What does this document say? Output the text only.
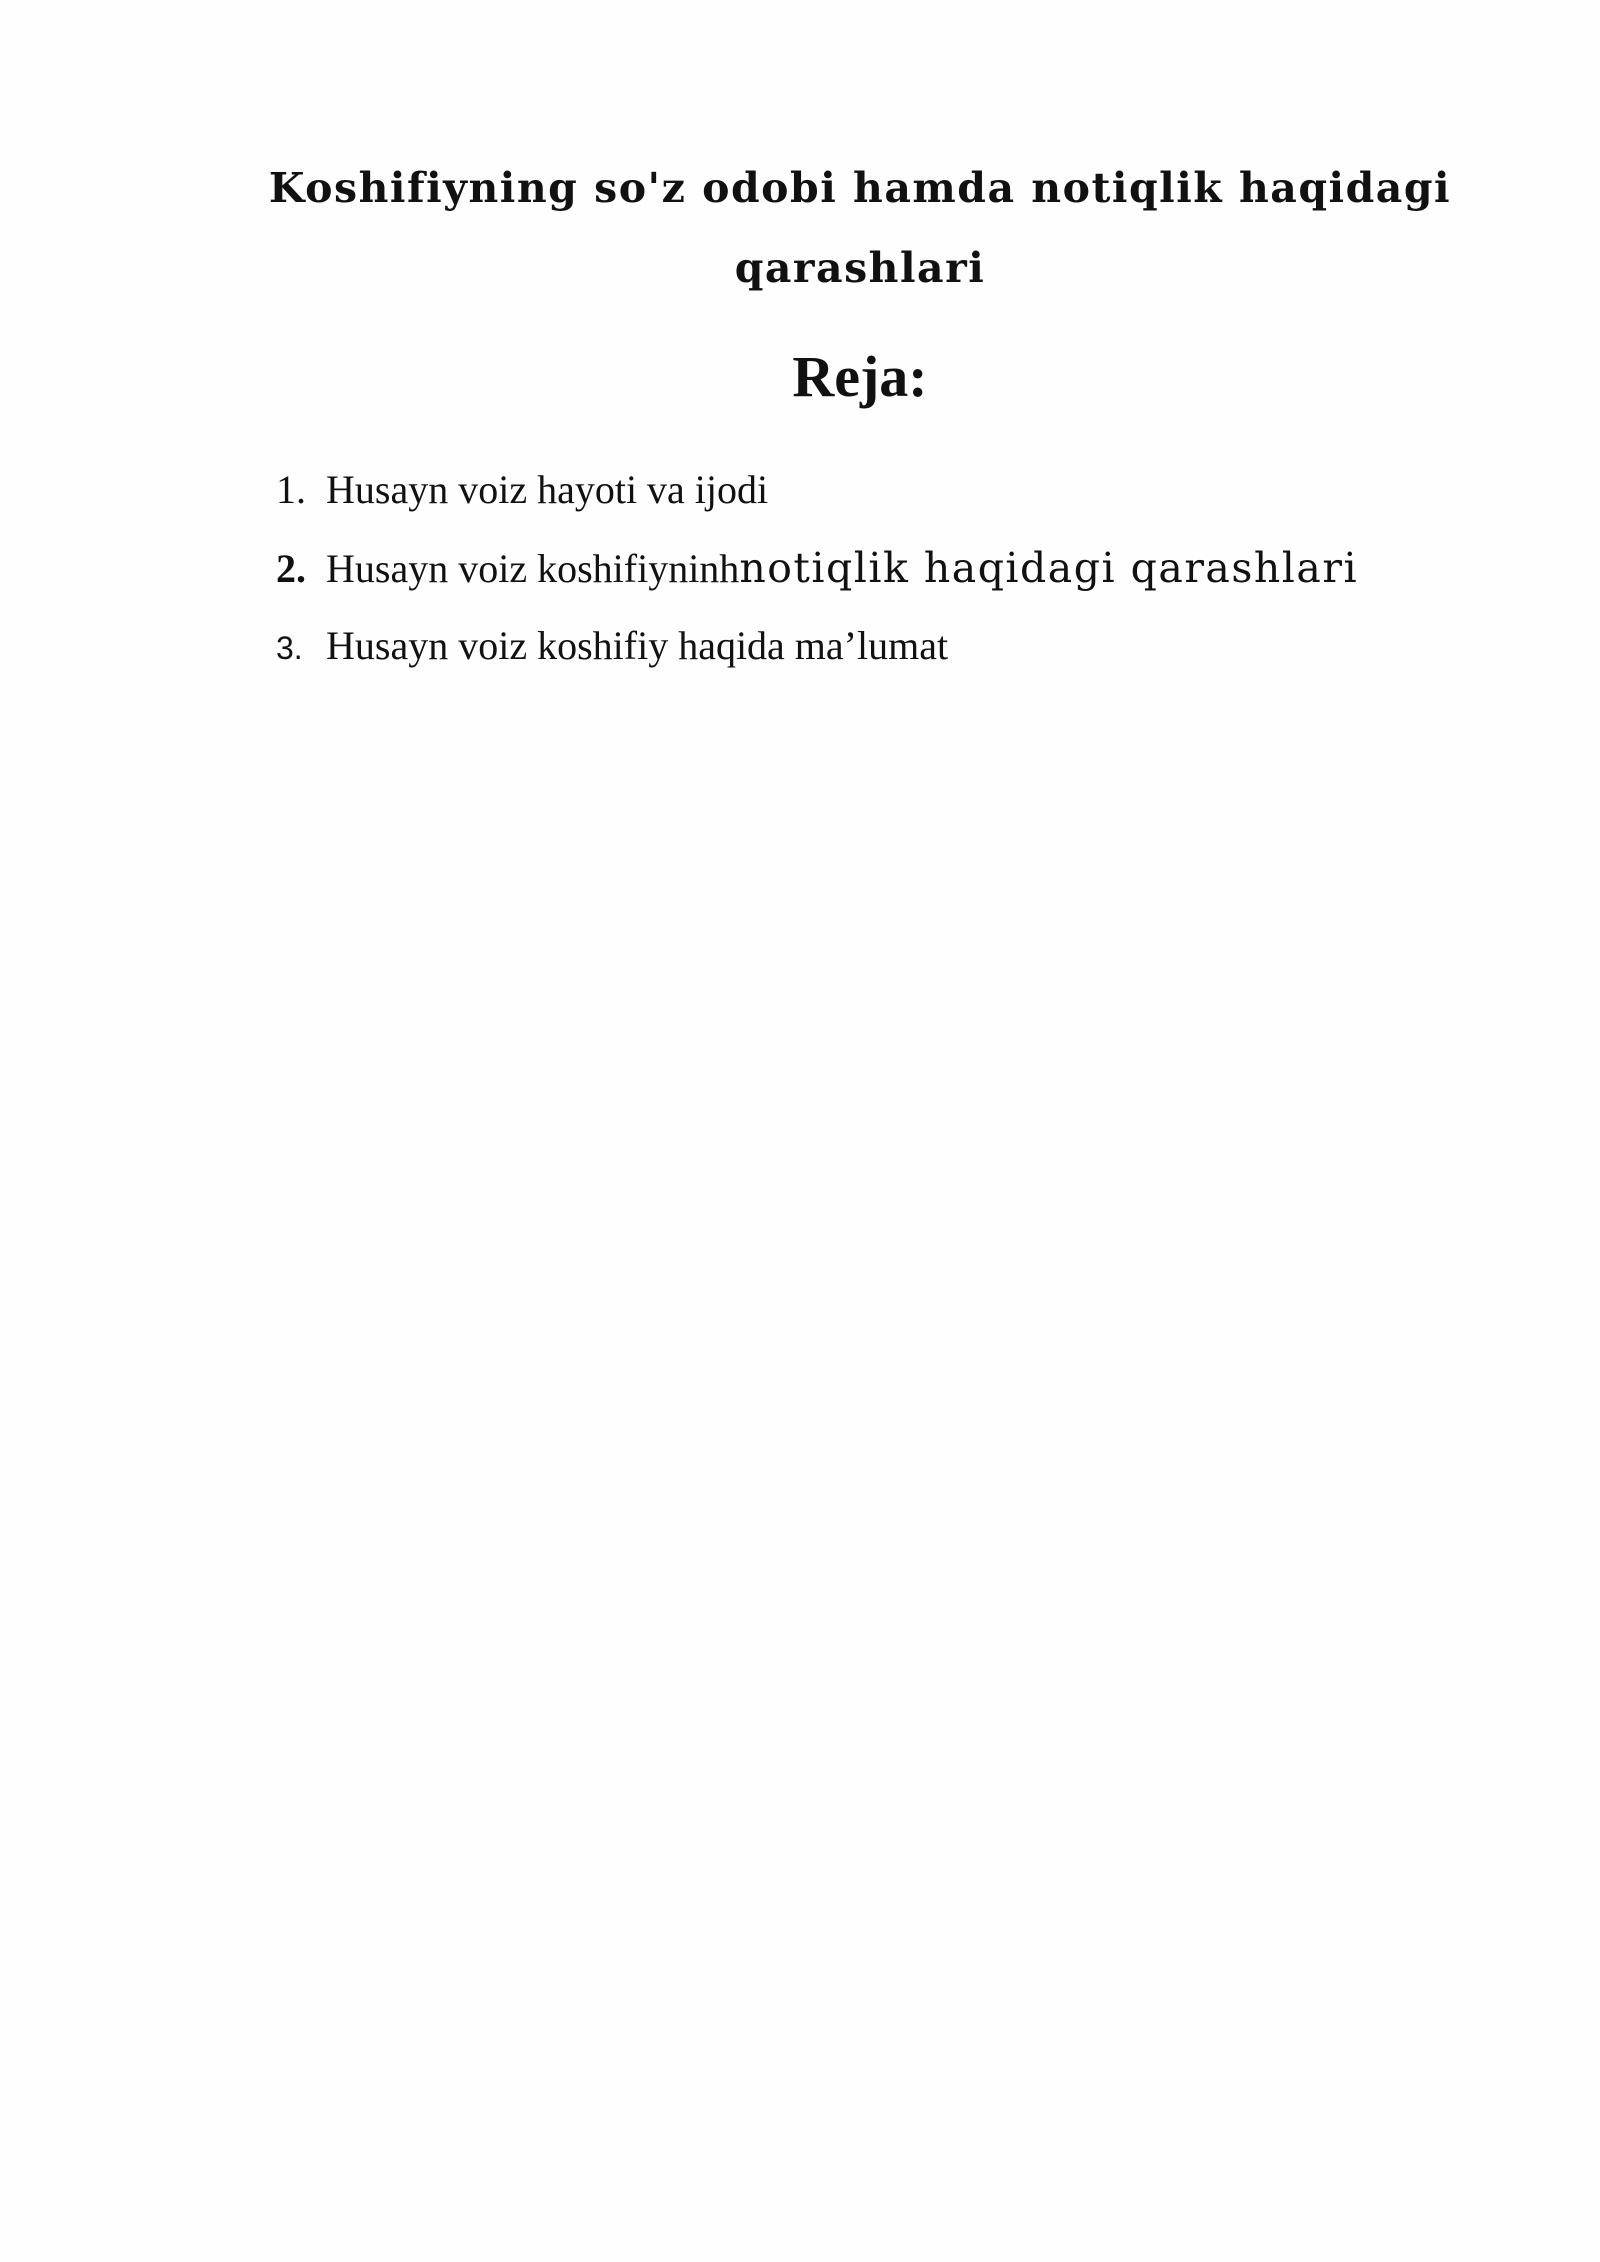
Koshifiyning so'z odobi hamda notiqlik haqidagi qarashlari
Reja:
1. Husayn voiz hayoti va ijodi
2. Husayn voiz koshifiyninh notiqlik haqidagi qarashlari
3. Husayn voiz koshifiy haqida ma’lumat
